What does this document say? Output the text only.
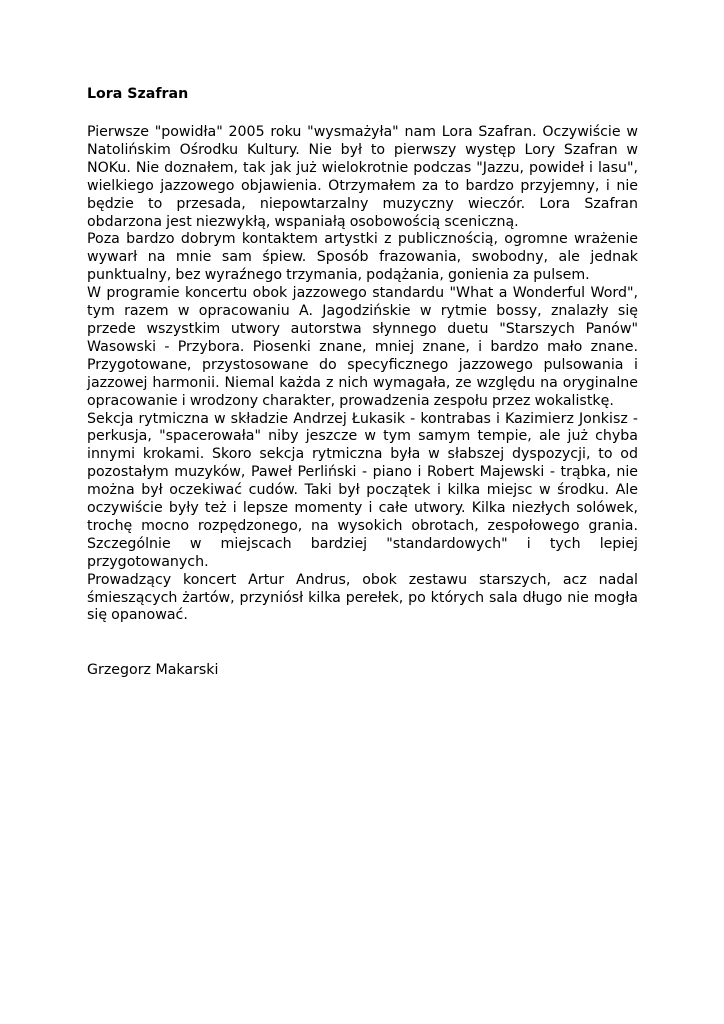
Lora Szafran

Pierwsze "powidła" 2005 roku "wysmażyła" nam Lora Szafran. Oczywiście w Natolińskim Ośrodku Kultury. Nie był to pierwszy występ Lory Szafran w NOKu. Nie doznałem, tak jak już wielokrotnie podczas "Jazzu, powideł i lasu", wielkiego jazzowego objawienia. Otrzymałem za to bardzo przyjemny, i nie będzie to przesada, niepowtarzalny muzyczny wieczór. Lora Szafran obdarzona jest niezwykłą, wspaniałą osobowością sceniczną.

Poza bardzo dobrym kontaktem artystki z publicznością, ogromne wrażenie wywarł na mnie sam śpiew. Sposób frazowania, swobodny, ale jednak punktualny, bez wyraźnego trzymania, podążania, gonienia za pulsem.

W programie koncertu obok jazzowego standardu "What a Wonderful Word", tym razem w opracowaniu A. Jagodzińskie w rytmie bossy, znalazły się przede wszystkim utwory autorstwa słynnego duetu "Starszych Panów" Wasowski - Przybora. Piosenki znane, mniej znane, i bardzo mało znane. Przygotowane, przystosowane do specyficznego jazzowego pulsowania i jazzowej harmonii. Niemal każda z nich wymagała, ze względu na oryginalne opracowanie i wrodzony charakter, prowadzenia zespołu przez wokalistkę.

Sekcja rytmiczna w składzie Andrzej Łukasik - kontrabas i Kazimierz Jonkisz - perkusja, "spacerowała" niby jeszcze w tym samym tempie, ale już chyba innymi krokami. Skoro sekcja rytmiczna była w słabszej dyspozycji, to od pozostałym muzyków, Paweł Perliński - piano i Robert Majewski - trąbka, nie można był oczekiwać cudów. Taki był początek i kilka miejsc w środku. Ale oczywiście były też i lepsze momenty i całe utwory. Kilka niezłych solówek, trochę mocno rozpędzonego, na wysokich obrotach, zespołowego grania. Szczególnie w miejscach bardziej "standardowych" i tych lepiej przygotowanych.

Prowadzący koncert Artur Andrus, obok zestawu starszych, acz nadal śmieszących żartów, przyniósł kilka perełek, po których sala długo nie mogła się opanować.

Grzegorz Makarski
